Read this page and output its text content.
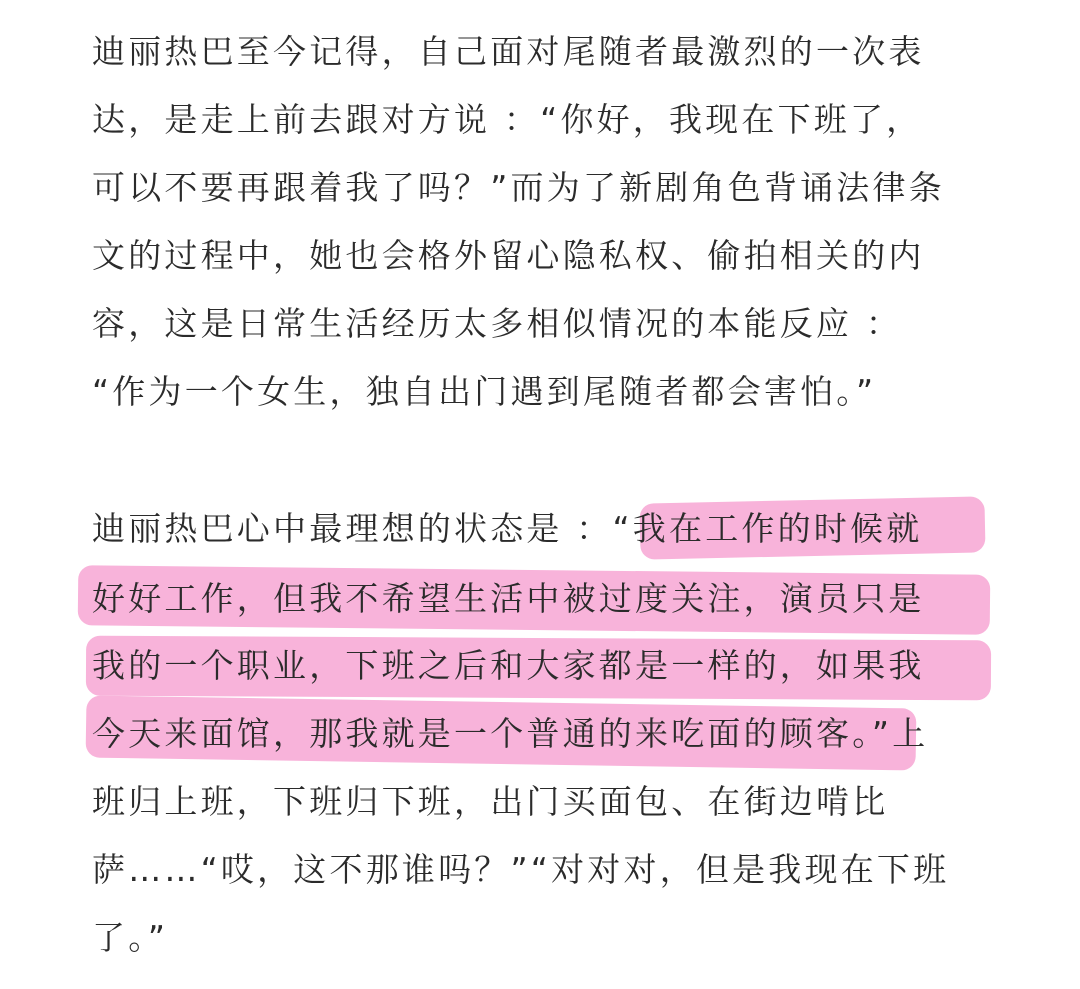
迪丽热巴至今记得，自己面对尾随者最激烈的一次表
达，是走上前去跟对方说 ：“你好，我现在下班了，
可以不要再跟着我了吗？”而为了新剧角色背诵法律条
文的过程中，她也会格外留心隐私权、偷拍相关的内
容，这是日常生活经历太多相似情况的本能反应 ：
“作为一个女生，独自出门遇到尾随者都会害怕。”
迪丽热巴心中最理想的状态是 ：“我在工作的时候就
好好工作，但我不希望生活中被过度关注，演员只是
我的一个职业，下班之后和大家都是一样的，如果我
今天来面馆，那我就是一个普通的来吃面的顾客。”上
班归上班，下班归下班，出门买面包、在街边啃比
萨……“哎，这不那谁吗？”“对对对，但是我现在下班
了。”
